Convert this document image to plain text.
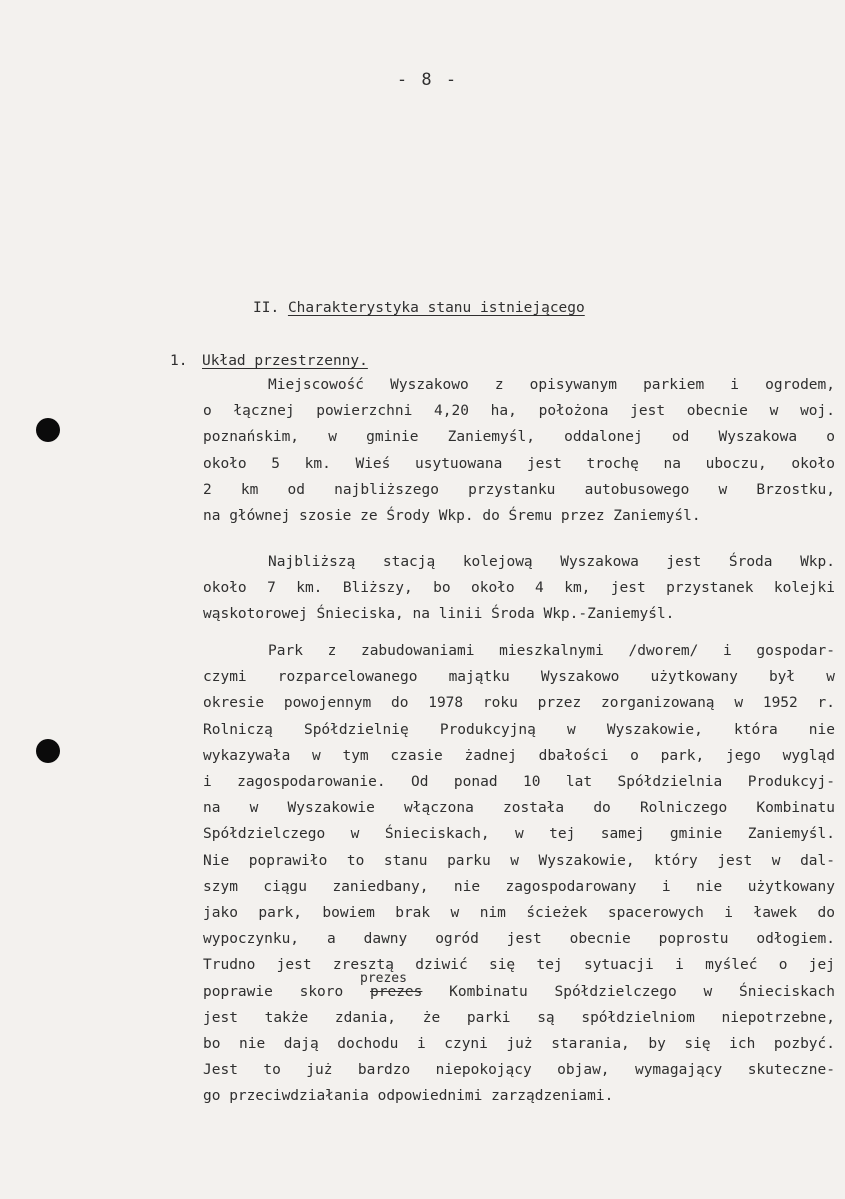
- 8 -
II. Charakterystyka stanu istniejącego
1. Układ przestrzenny.
Miejscowość Wyszakowo z opisywanym parkiem i ogrodem,
o łącznej powierzchni 4,20 ha, położona jest obecnie w woj.
poznańskim, w gminie Zaniemyśl, oddalonej od Wyszakowa o
około 5 km. Wieś usytuowana jest trochę na uboczu, około
2 km od najbliższego przystanku autobusowego w Brzostku,
na głównej szosie ze Środy Wkp. do Śremu przez Zaniemyśl.
Najbliższą stacją kolejową Wyszakowa jest Środa Wkp.
około 7 km. Bliższy, bo około 4 km, jest przystanek kolejki
wąskotorowej Śnieciska, na linii Środa Wkp.-Zaniemyśl.
Park z zabudowaniami mieszkalnymi /dworem/ i gospodar-
czymi rozparcelowanego majątku Wyszakowo użytkowany był w
okresie powojennym do 1978 roku przez zorganizowaną w 1952 r.
Rolniczą Spółdzielnię Produkcyjną w Wyszakowie, która nie
wykazywała w tym czasie żadnej dbałości o park, jego wygląd
i zagospodarowanie. Od ponad 10 lat Spółdzielnia Produkcyj-
na w Wyszakowie włączona została do Rolniczego Kombinatu
Spółdzielczego w Śnieciskach, w tej samej gminie Zaniemyśl.
Nie poprawiło to stanu parku w Wyszakowie, który jest w dal-
szym ciągu zaniedbany, nie zagospodarowany i nie użytkowany
jako park, bowiem brak w nim ścieżek spacerowych i ławek do
wypoczynku, a dawny ogród jest obecnie poprostu odłogiem.
Trudno jest zresztą dziwić się tej sytuacji i myśleć o jej
poprawie skoro prezes Kombinatu Spółdzielczego w Śnieciskach
prezes
jest także zdania, że parki są spółdzielniom niepotrzebne,
bo nie dają dochodu i czyni już starania, by się ich pozbyć.
Jest to już bardzo niepokojący objaw, wymagający skuteczne-
go przeciwdziałania odpowiednimi zarządzeniami.
